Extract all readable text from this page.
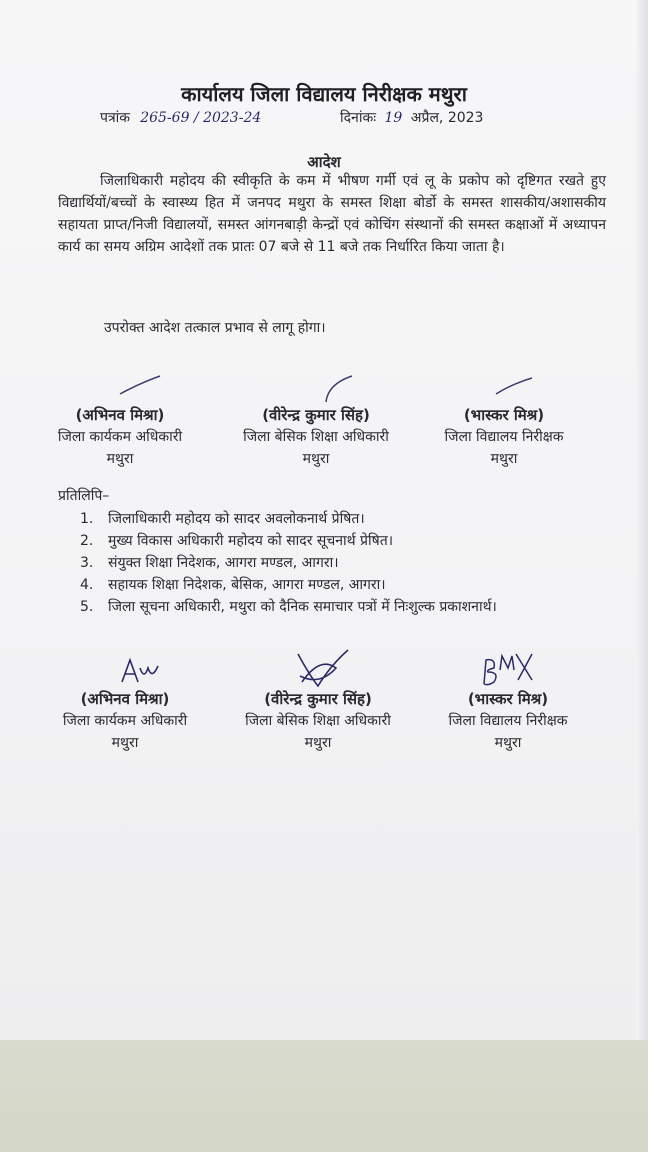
कार्यालय जिला विद्यालय निरीक्षक मथुरा
पत्रांक 265-69 / 2023-24	दिनांकः 19 अप्रैल, 2023
आदेश
जिलाधिकारी महोदय की स्वीकृति के कम में भीषण गर्मी एवं लू के प्रकोप को दृष्टिगत रखते हुए विद्यार्थियों/बच्चों के स्वास्थ्य हित में जनपद मथुरा के समस्त शिक्षा बोर्डो के समस्त शासकीय/अशासकीय सहायता प्राप्त/निजी विद्यालयों, समस्त आंगनबाड़ी केन्द्रों एवं कोचिंग संस्थानों की समस्त कक्षाओं में अध्यापन कार्य का समय अग्रिम आदेशों तक प्रातः 07 बजे से 11 बजे तक निर्धारित किया जाता है।
उपरोक्त आदेश तत्काल प्रभाव से लागू होगा।
(अभिनव मिश्रा)
जिला कार्यकम अधिकारी
मथुरा
(वीरेन्द्र कुमार सिंह)
जिला बेसिक शिक्षा अधिकारी
मथुरा
(भास्कर मिश्र)
जिला विद्यालय निरीक्षक
मथुरा
प्रतिलिपि–
1.	जिलाधिकारी महोदय को सादर अवलोकनार्थ प्रेषित।
2.	मुख्य विकास अधिकारी महोदय को सादर सूचनार्थ प्रेषित।
3.	संयुक्त शिक्षा निदेशक, आगरा मण्डल, आगरा।
4.	सहायक शिक्षा निदेशक, बेसिक, आगरा मण्डल, आगरा।
5.	जिला सूचना अधिकारी, मथुरा को दैनिक समाचार पत्रों में निःशुल्क प्रकाशनार्थ।
(अभिनव मिश्रा)
जिला कार्यकम अधिकारी
मथुरा
(वीरेन्द्र कुमार सिंह)
जिला बेसिक शिक्षा अधिकारी
मथुरा
(भास्कर मिश्र)
जिला विद्यालय निरीक्षक
मथुरा
